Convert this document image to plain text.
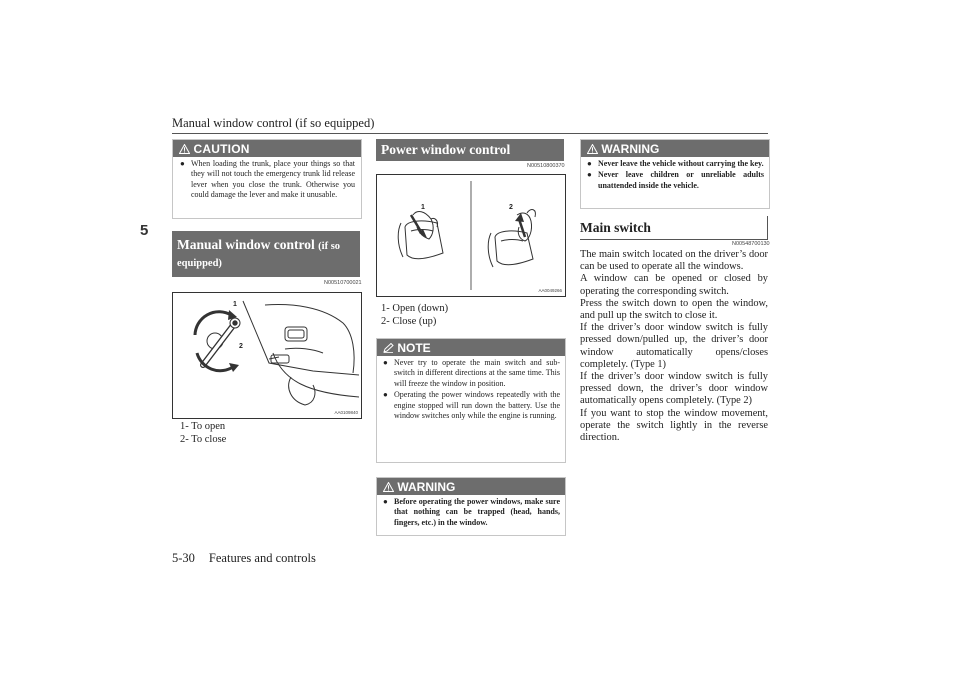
Manual window control (if so equipped)
5
CAUTION
● When loading the trunk, place your things so that they will not touch the emergency trunk lid release lever when you close the trunk. Otherwise you could damage the lever and make it unusable.
Manual window control (if so
equipped)
N00510700021
1
2
AA0109840
1- To open
2- To close
Power window control
N00510800370
1	2
AA0049266
1- Open (down)
2- Close (up)
NOTE
● Never try to operate the main switch and sub-switch in different directions at the same time. This will freeze the window in position.
● Operating the power windows repeatedly with the engine stopped will run down the battery. Use the window switches only while the engine is running.
WARNING
● Before operating the power windows, make sure that nothing can be trapped (head, hands, fingers, etc.) in the window.
WARNING
● Never leave the vehicle without carrying the key.
● Never leave children or unreliable adults unattended inside the vehicle.
Main switch
N00548700130

The main switch located on the driver’s door can be used to operate all the windows.

A window can be opened or closed by operating the corresponding switch.

Press the switch down to open the window, and pull up the switch to close it.

If the driver’s door window switch is fully pressed down/pulled up, the driver’s door window automatically opens/closes completely. (Type 1)

If the driver’s door window switch is fully pressed down, the driver’s door window automatically opens completely. (Type 2)

If you want to stop the window movement, operate the switch lightly in the reverse direction.

5-30 Features and controls
